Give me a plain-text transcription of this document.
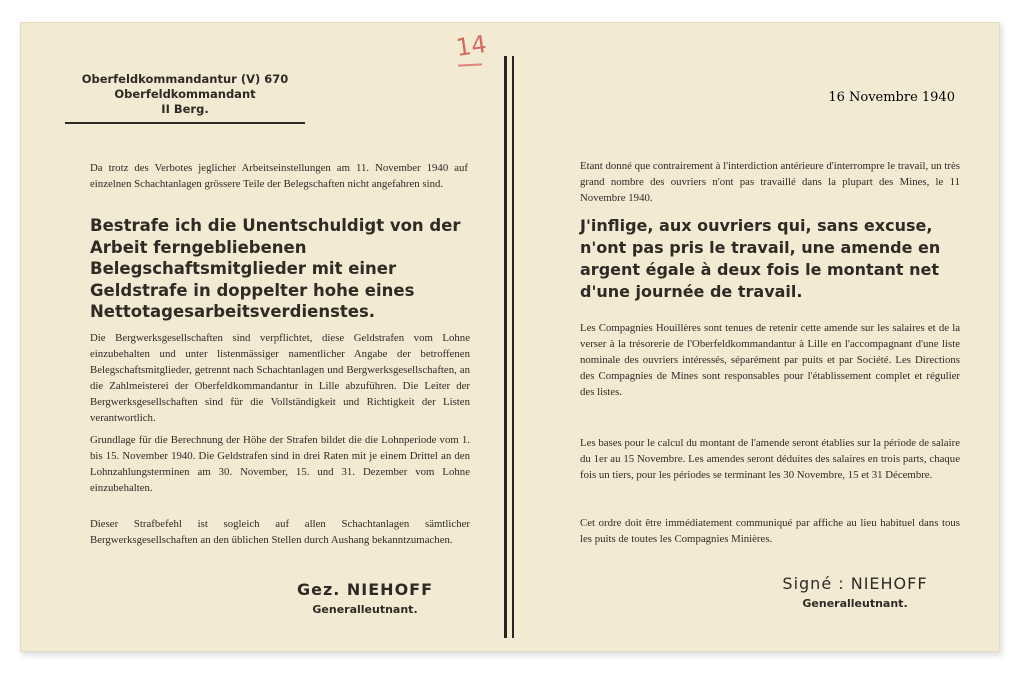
14
Oberfeldkommandantur (V) 670
Oberfeldkommandant
II Berg.
Da trotz des Verbotes jeglicher Arbeitseinstellungen am 11. November 1940 auf einzelnen Schachtanlagen grössere Teile der Belegschaften nicht angefahren sind.
Bestrafe ich die Unentschuldigt von der Arbeit ferngebliebenen Belegschaftsmitglieder mit einer Geldstrafe in doppelter hohe eines Nettotagesarbeitsverdienstes.
Die Bergwerksgesellschaften sind verpflichtet, diese Geldstrafen vom Lohne einzubehalten und unter listenmässiger namentlicher Angabe der betroffenen Belegschaftsmitglieder, getrennt nach Schachtanlagen und Bergwerksgesellschaften, an die Zahlmeisterei der Oberfeldkommandantur in Lille abzuführen. Die Leiter der Bergwerksgesellschaften sind für die Vollständigkeit und Richtigkeit der Listen verantwortlich.
Grundlage für die Berechnung der Höhe der Strafen bildet die die Lohnperiode vom 1. bis 15. November 1940. Die Geldstrafen sind in drei Raten mit je einem Drittel an den Lohnzahlungsterminen am 30. November, 15. und 31. Dezember vom Lohne einzubehalten.
Dieser Strafbefehl ist sogleich auf allen Schachtanlagen sämtlicher Bergwerksgesellschaften an den üblichen Stellen durch Aushang bekanntzumachen.
Gez. NIEHOFF
Generalleutnant.
16 Novembre 1940
Etant donné que contrairement à l'interdiction antérieure d'interrompre le travail, un très grand nombre des ouvriers n'ont pas travaillé dans la plupart des Mines, le 11 Novembre 1940.
J'inflige, aux ouvriers qui, sans excuse, n'ont pas pris le travail, une amende en argent égale à deux fois le montant net d'une journée de travail.
Les Compagnies Houillères sont tenues de retenir cette amende sur les salaires et de la verser à la trésorerie de l'Oberfeldkommandantur à Lille en l'accompagnant d'une liste nominale des ouvriers intéressés, séparément par puits et par Société. Les Directions des Compagnies de Mines sont responsables pour l'établissement complet et régulier des listes.
Les bases pour le calcul du montant de l'amende seront établies sur la période de salaire du 1er au 15 Novembre. Les amendes seront déduites des salaires en trois parts, chaque fois un tiers, pour les périodes se terminant les 30 Novembre, 15 et 31 Décembre.
Cet ordre doit être immédiatement communiqué par affiche au lieu habituel dans tous les puits de toutes les Compagnies Minières.
Signé : NIEHOFF
Generalleutnant.
